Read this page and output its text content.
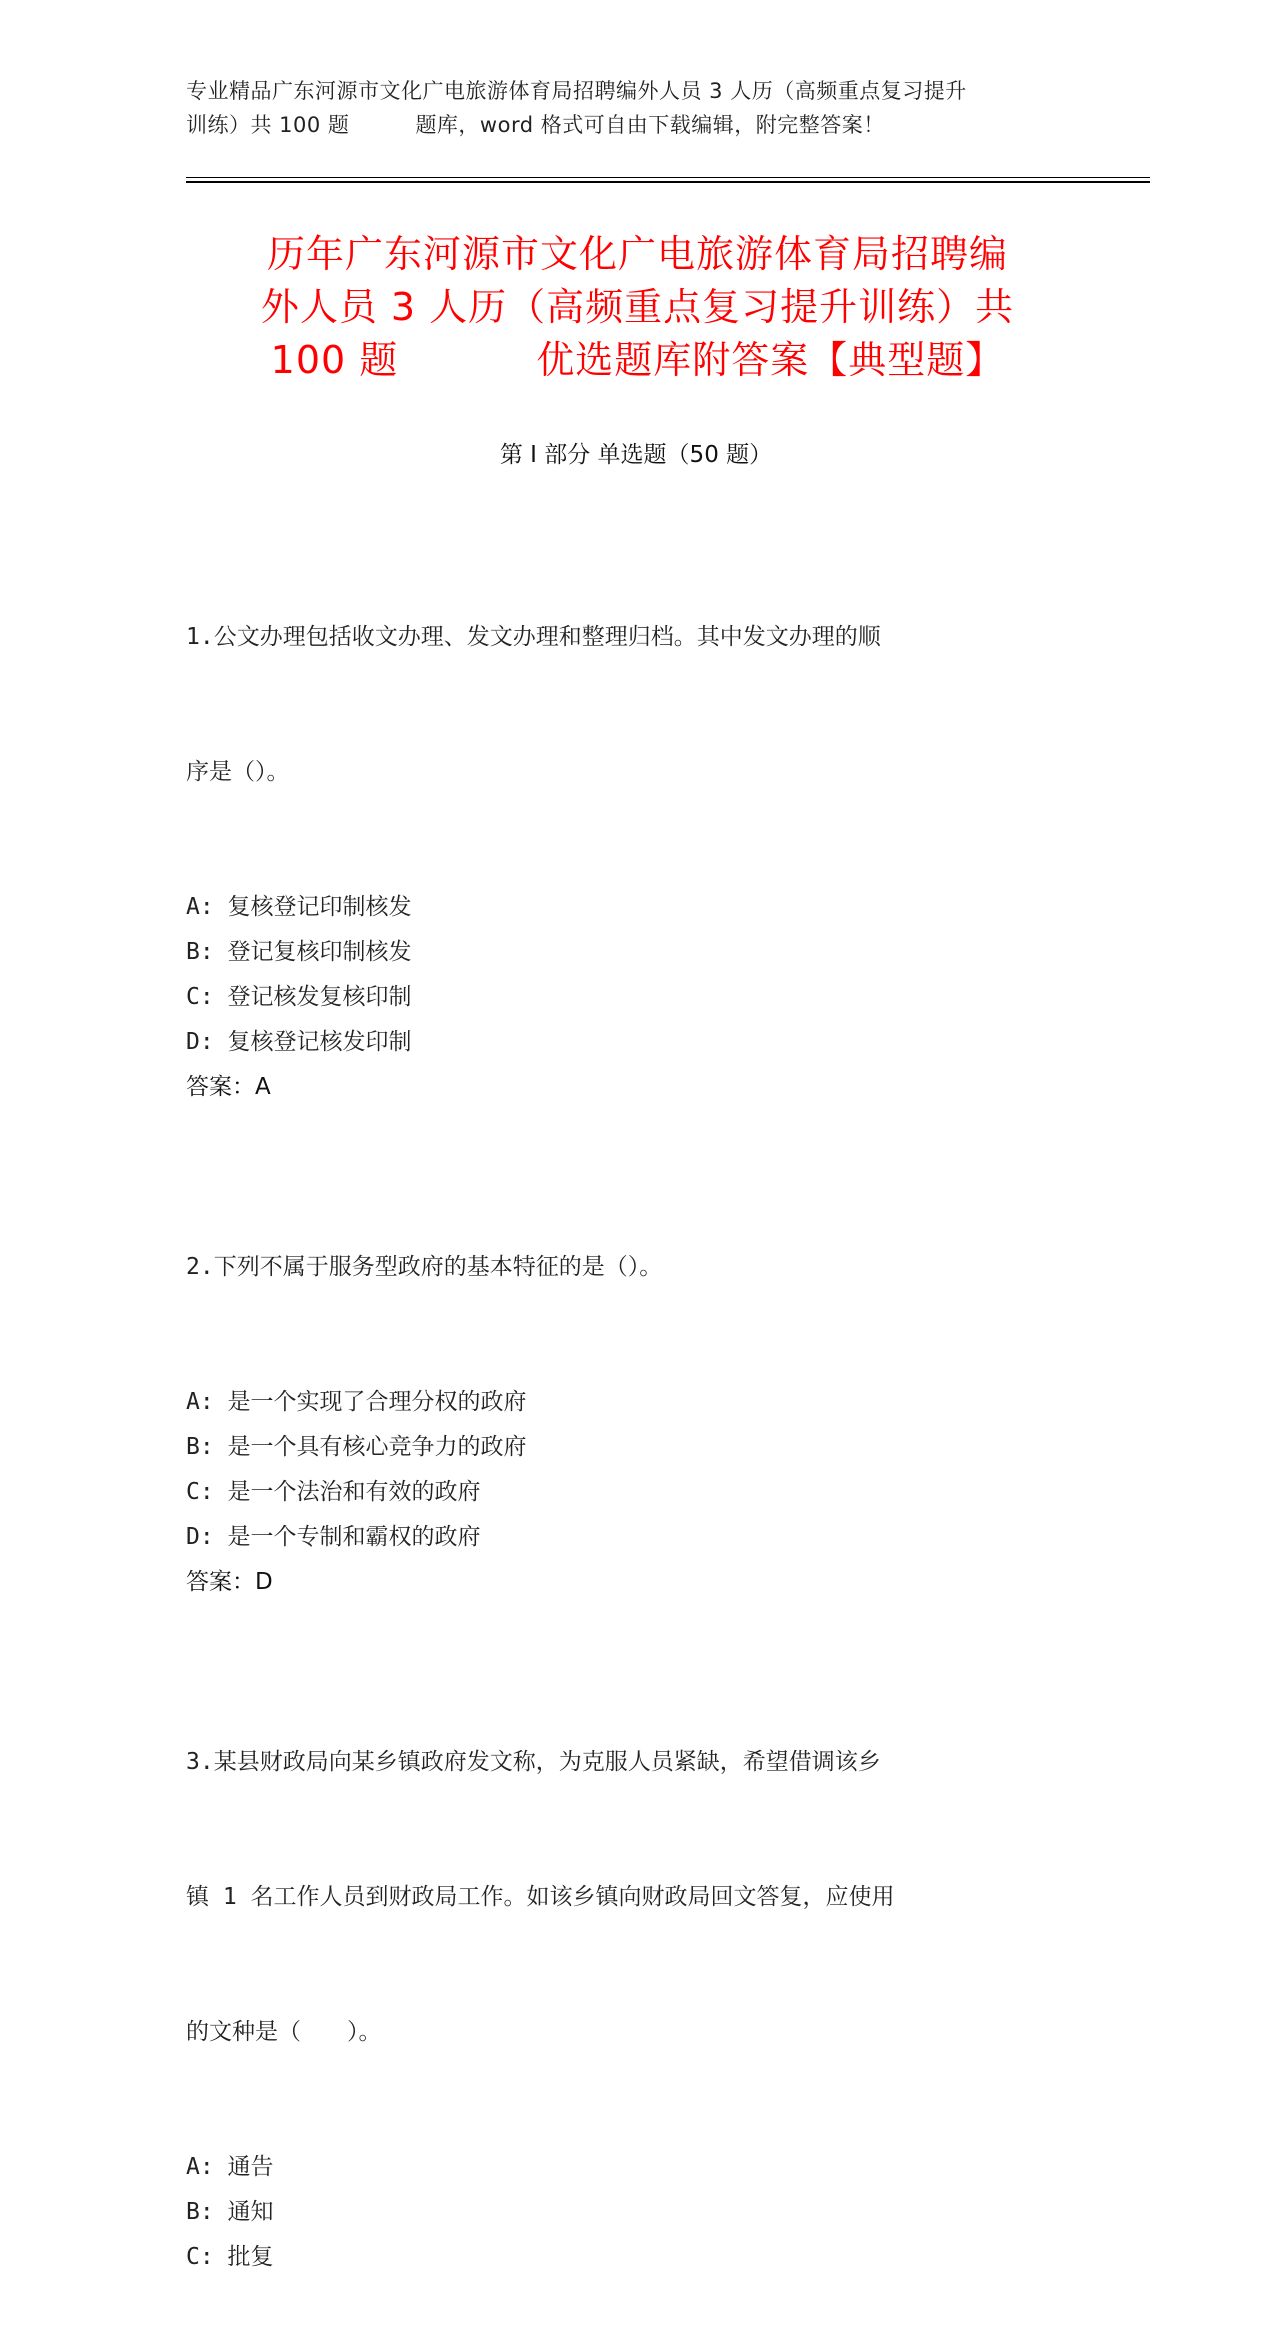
专业精品广东河源市文化广电旅游体育局招聘编外人员 3 人历（高频重点复习提升
训练）共 100 题	题库，word 格式可自由下载编辑，附完整答案！
历年广东河源市文化广电旅游体育局招聘编
外人员 3 人历（高频重点复习提升训练）共
100 题	优选题库附答案【典型题】
第 I 部分 单选题（50 题）

1.公文办理包括收文办理、发文办理和整理归档。其中发文办理的顺

序是（）。

A: 复核登记印制核发
B: 登记复核印制核发
C: 登记核发复核印制
D: 复核登记核发印制
答案：A

2.下列不属于服务型政府的基本特征的是（）。

A: 是一个实现了合理分权的政府
B: 是一个具有核心竞争力的政府
C: 是一个法治和有效的政府
D: 是一个专制和霸权的政府
答案：D

3.某县财政局向某乡镇政府发文称，为克服人员紧缺，希望借调该乡

镇 1 名工作人员到财政局工作。如该乡镇向财政局回文答复，应使用

的文种是（　　）。

A: 通告
B: 通知
C: 批复
